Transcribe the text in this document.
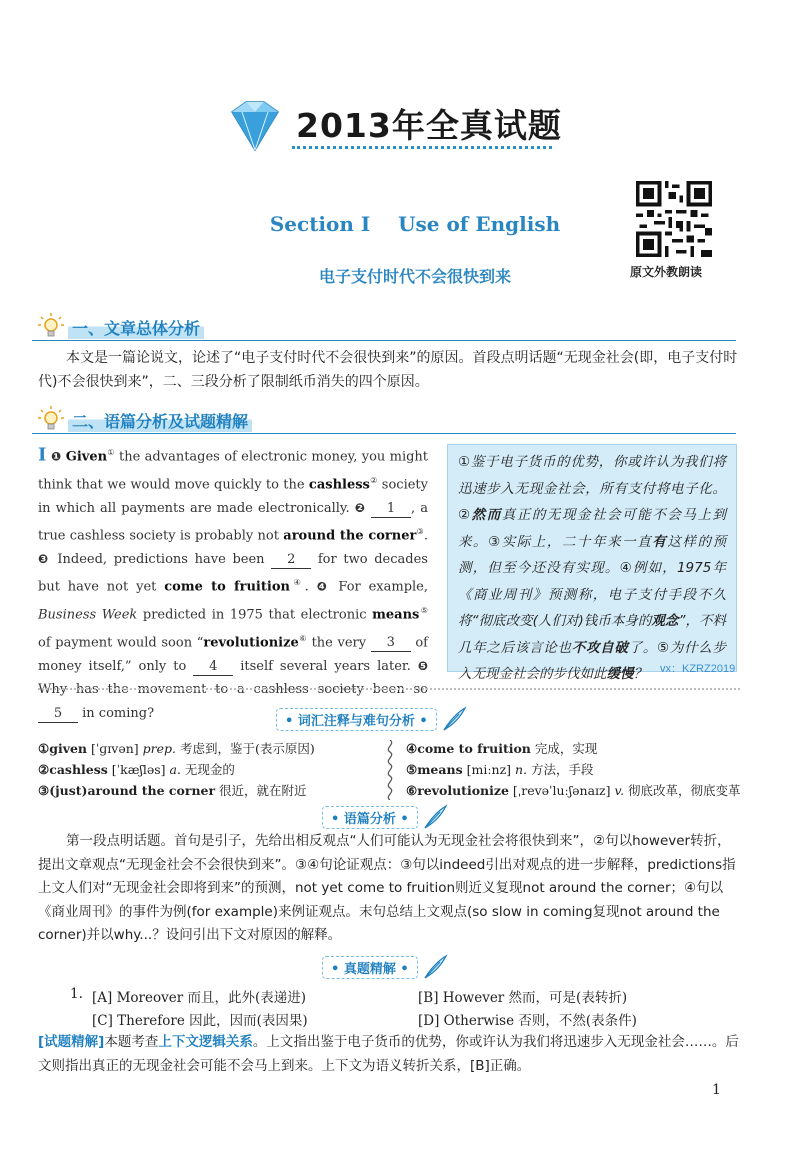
2013年全真试题
原文外教朗读
Section Ⅰ    Use of English
电子支付时代不会很快到来
一、文章总体分析
本文是一篇论说文，论述了“电子支付时代不会很快到来”的原因。首段点明话题“无现金社会(即，电子支付时代)不会很快到来”，二、三段分析了限制纸币消失的四个原因。
二、语篇分析及试题精解
Ⅰ ❶ Given① the advantages of electronic money, you might think that we would move quickly to the cashless② society in which all payments are made electronically. ❷ 1 , a true cashless society is probably not around the corner③. ❸ Indeed, predictions have been 2 for two decades but have not yet come to fruition④. ❹ For example, Business Week predicted in 1975 that electronic means⑤ of payment would soon “revolutionize⑥ the very 3 of money itself,” only to 4 itself several years later. ❺ Why has the movement to a cashless society been so 5 in coming?
①鉴于电子货币的优势，你或许认为我们将迅速步入无现金社会，所有支付将电子化。②然而真正的无现金社会可能不会马上到来。③实际上，二十年来一直有这样的预测，但至今还没有实现。④例如，1975年《商业周刊》预测称，电子支付手段不久将“彻底改变(人们对)钱币本身的观念”，不料几年之后该言论也不攻自破了。⑤为什么步入无现金社会的步伐如此缓慢？	vx：KZRZ2019
• 词汇注释与难句分析 •
①given [ˈɡɪvən] prep. 考虑到，鉴于(表示原因)
②cashless [ˈkæʃləs] a. 无现金的
③(just)around the corner 很近，就在附近
④come to fruition 完成，实现
⑤means [miːnz] n. 方法，手段
⑥revolutionize [ˌrevəˈluːʃənaɪz] v. 彻底改革，彻底变革
• 语篇分析 •
第一段点明话题。首句是引子，先给出相反观点“人们可能认为无现金社会将很快到来”，②句以however转折，提出文章观点“无现金社会不会很快到来”。③④句论证观点：③句以indeed引出对观点的进一步解释，predictions指上文人们对“无现金社会即将到来”的预测，not yet come to fruition则近义复现not around the corner；④句以《商业周刊》的事件为例(for example)来例证观点。末句总结上文观点(so slow in coming复现not around the corner)并以why...？设问引出下文对原因的解释。
• 真题精解 •
1. [A] Moreover 而且，此外(表递进)	[B] However 然而，可是(表转折)
[C] Therefore 因此，因而(表因果)	[D] Otherwise 否则，不然(表条件)
[试题精解]本题考查上下文逻辑关系。上文指出鉴于电子货币的优势，你或许认为我们将迅速步入无现金社会……。后文则指出真正的无现金社会可能不会马上到来。上下文为语义转折关系，[B]正确。
1
